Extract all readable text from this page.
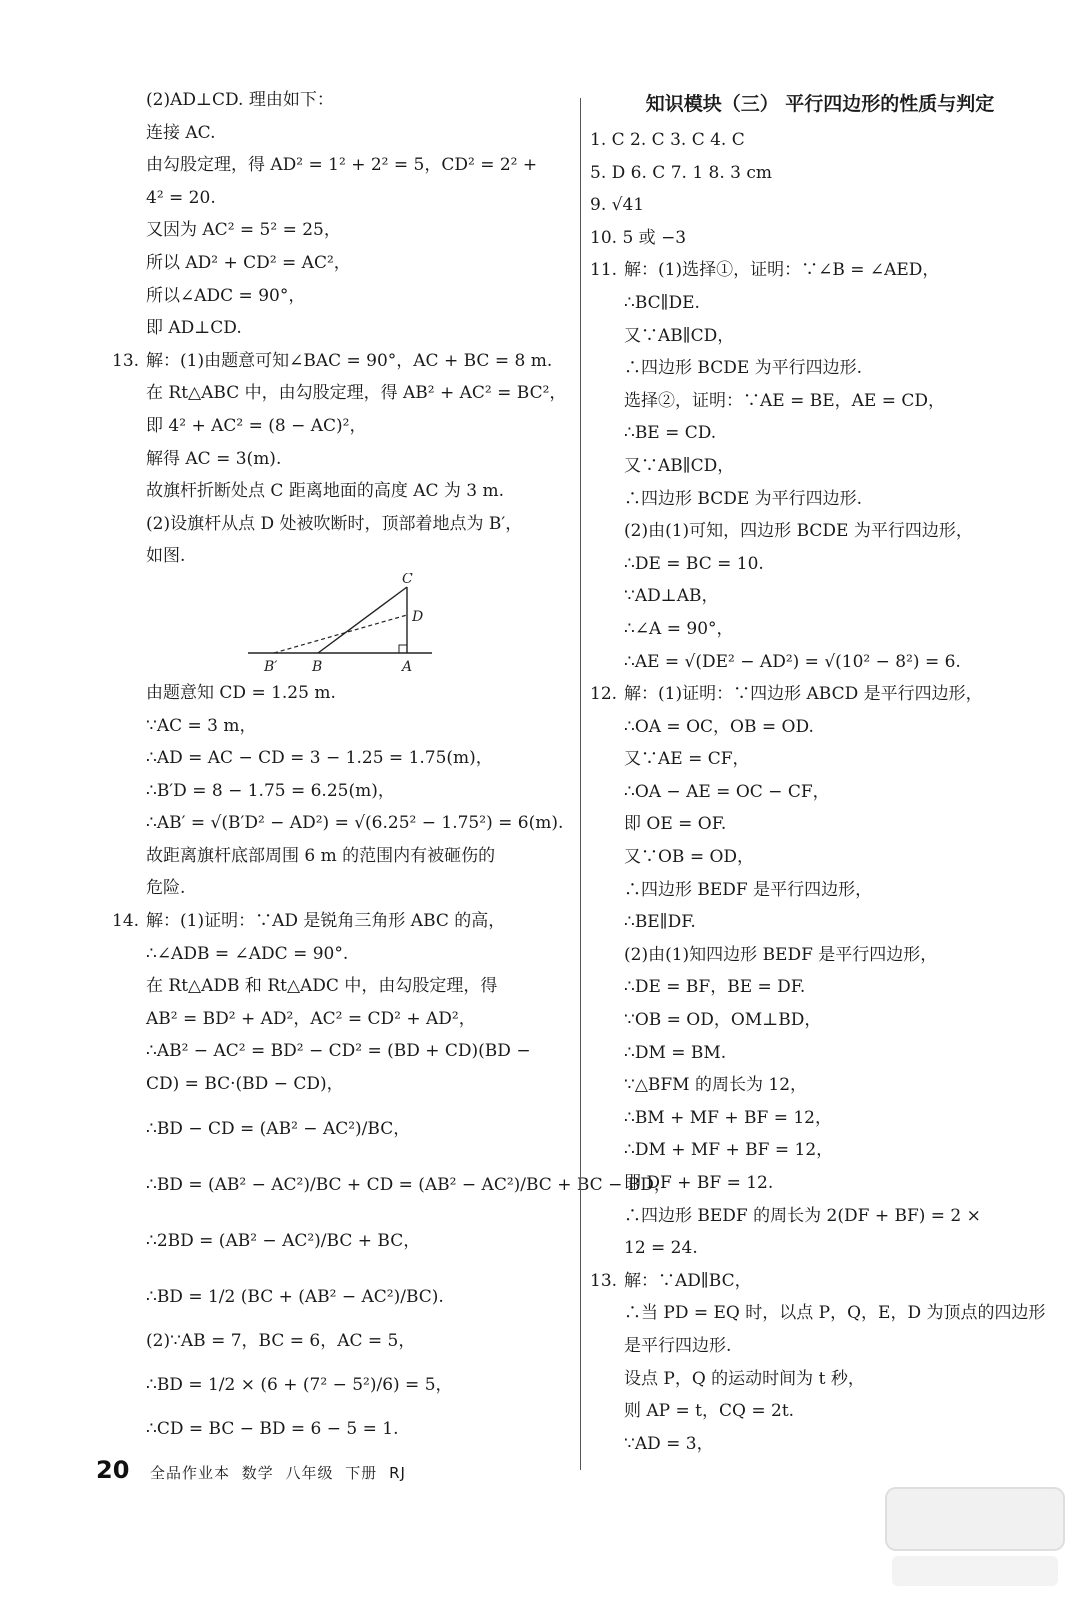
(2)AD⊥CD. 理由如下：
连接 AC.
由勾股定理，得 AD² = 1² + 2² = 5，CD² = 2² +
4² = 20.
又因为 AC² = 5² = 25，
所以 AD² + CD² = AC²，
所以∠ADC = 90°，
即 AD⊥CD.
13. 解：(1)由题意可知∠BAC = 90°，AC + BC = 8 m.
在 Rt△ABC 中，由勾股定理，得 AB² + AC² = BC²，
即 4² + AC² = (8 − AC)²，
解得 AC = 3(m).
故旗杆折断处点 C 距离地面的高度 AC 为 3 m.
(2)设旗杆从点 D 处被吹断时，顶部着地点为 B′，
如图.
C
D
B′ B	A
由题意知 CD = 1.25 m.
∵AC = 3 m，
∴AD = AC − CD = 3 − 1.25 = 1.75(m)，
∴B′D = 8 − 1.75 = 6.25(m)，
∴AB′ = √(B′D² − AD²) = √(6.25² − 1.75²) = 6(m).
故距离旗杆底部周围 6 m 的范围内有被砸伤的
危险.
14. 解：(1)证明：∵AD 是锐角三角形 ABC 的高，
∴∠ADB = ∠ADC = 90°.
在 Rt△ADB 和 Rt△ADC 中，由勾股定理，得
AB² = BD² + AD²，AC² = CD² + AD²，
∴AB² − AC² = BD² − CD² = (BD + CD)(BD −
CD) = BC·(BD − CD)，
∴BD − CD = (AB² − AC²)/BC，
∴BD = (AB² − AC²)/BC + CD = (AB² − AC²)/BC + BC − BD，
∴2BD = (AB² − AC²)/BC + BC，
∴BD = 1/2 (BC + (AB² − AC²)/BC).
(2)∵AB = 7，BC = 6，AC = 5，
∴BD = 1/2 × (6 + (7² − 5²)/6) = 5，
∴CD = BC − BD = 6 − 5 = 1.
知识模块（三） 平行四边形的性质与判定
1. C 2. C 3. C 4. C
5. D 6. C 7. 1 8. 3 cm
9. √41
10. 5 或 −3
11. 解：(1)选择①，证明：∵∠B = ∠AED，
∴BC∥DE.
又∵AB∥CD，
∴四边形 BCDE 为平行四边形.
选择②，证明：∵AE = BE，AE = CD，
∴BE = CD.
又∵AB∥CD，
∴四边形 BCDE 为平行四边形.
(2)由(1)可知，四边形 BCDE 为平行四边形，
∴DE = BC = 10.
∵AD⊥AB，
∴∠A = 90°，
∴AE = √(DE² − AD²) = √(10² − 8²) = 6.
12. 解：(1)证明：∵四边形 ABCD 是平行四边形，
∴OA = OC，OB = OD.
又∵AE = CF，
∴OA − AE = OC − CF，
即 OE = OF.
又∵OB = OD，
∴四边形 BEDF 是平行四边形，
∴BE∥DF.
(2)由(1)知四边形 BEDF 是平行四边形，
∴DE = BF，BE = DF.
∵OB = OD，OM⊥BD，
∴DM = BM.
∵△BFM 的周长为 12，
∴BM + MF + BF = 12，
∴DM + MF + BF = 12，
即 DF + BF = 12.
∴四边形 BEDF 的周长为 2(DF + BF) = 2 ×
12 = 24.
13. 解：∵AD∥BC，
∴当 PD = EQ 时，以点 P，Q，E，D 为顶点的四边形
是平行四边形.
设点 P，Q 的运动时间为 t 秒，
则 AP = t，CQ = 2t.
∵AD = 3，
20 全品作业本 数学 八年级 下册 RJ
